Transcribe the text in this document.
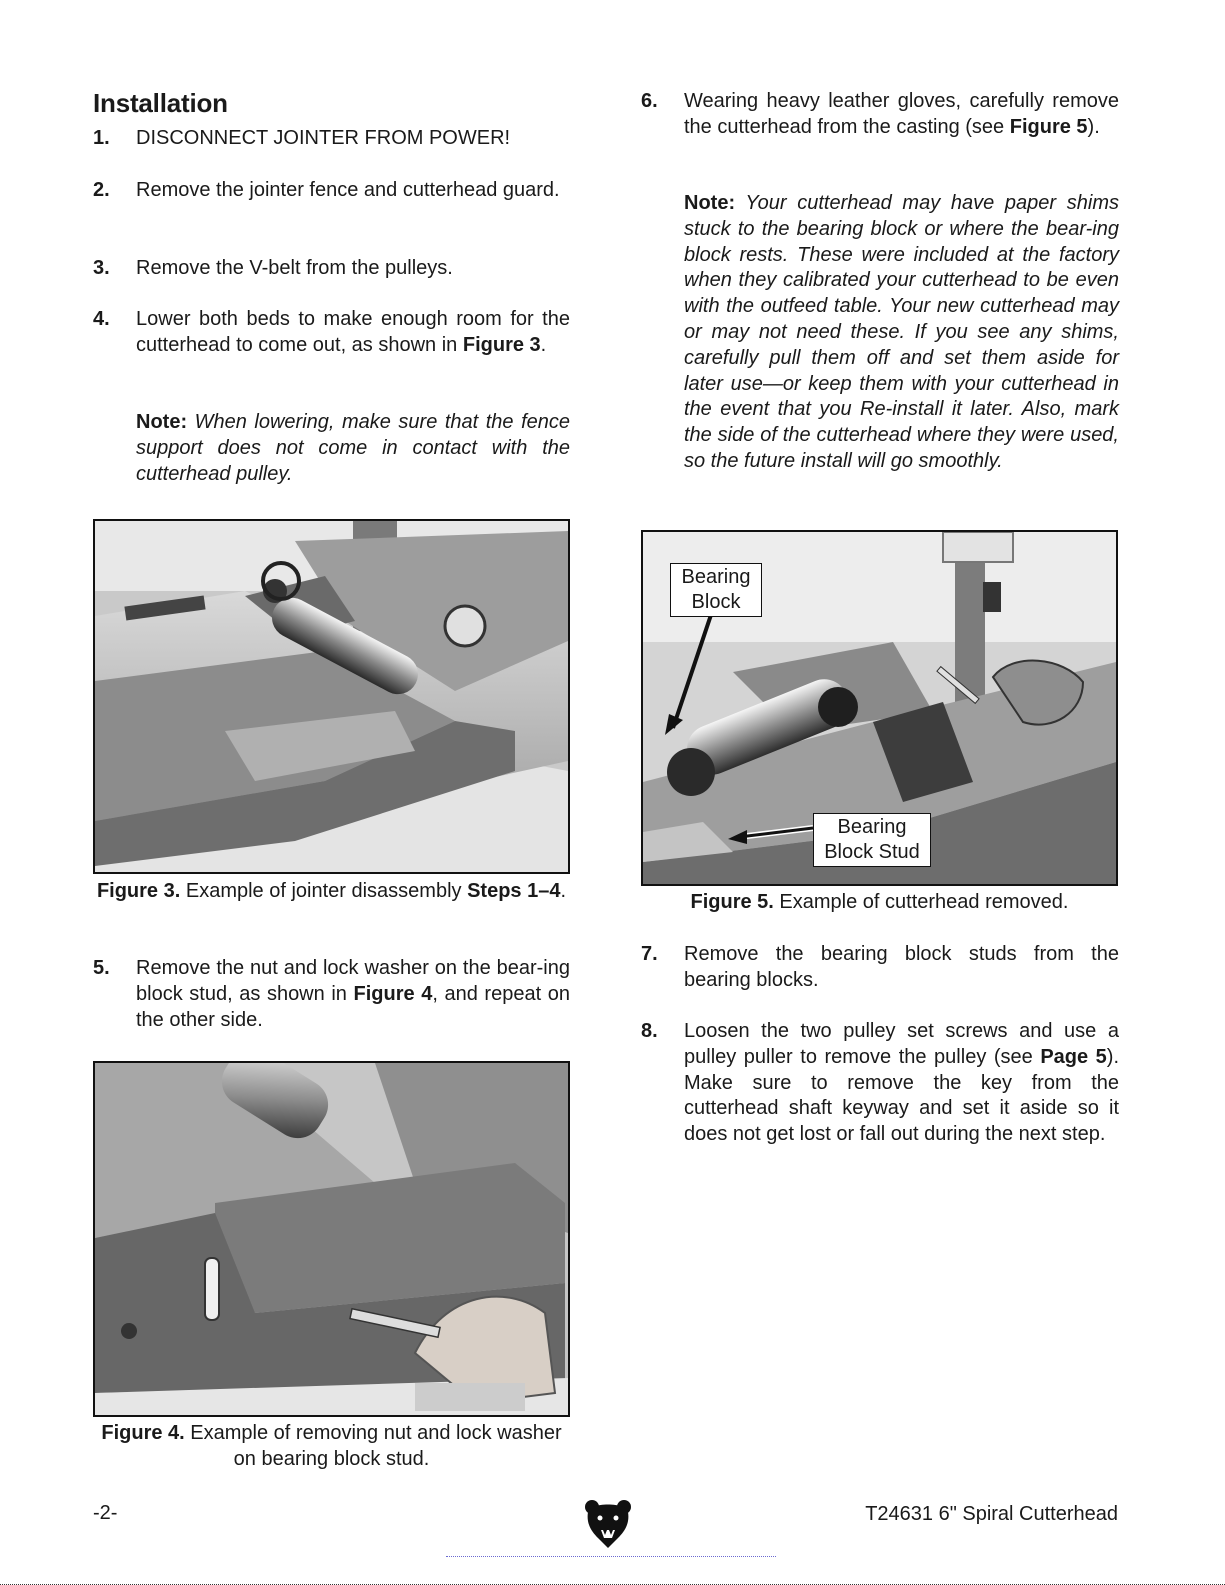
Installation
1. DISCONNECT JOINTER FROM POWER!
2. Remove the jointer fence and cutterhead guard.
3. Remove the V-belt from the pulleys.
4. Lower both beds to make enough room for the cutterhead to come out, as shown in Figure 3.
Note: When lowering, make sure that the fence support does not come in contact with the cutterhead pulley.
Figure 3. Example of jointer disassembly Steps 1–4.
5. Remove the nut and lock washer on the bear-ing block stud, as shown in Figure 4, and repeat on the other side.
Figure 4. Example of removing nut and lock washer on bearing block stud.
6. Wearing heavy leather gloves, carefully remove the cutterhead from the casting (see Figure 5).
Note: Your cutterhead may have paper shims stuck to the bearing block or where the bear-ing block rests. These were included at the factory when they calibrated your cutterhead to be even with the outfeed table. Your new cutterhead may or may not need these. If you see any shims, carefully pull them off and set them aside for later use—or keep them with your cutterhead in the event that you Re-install it later. Also, mark the side of the cutterhead where they were used, so the future install will go smoothly.
Bearing Block
Bearing Block Stud
Figure 5. Example of cutterhead removed.
7. Remove the bearing block studs from the bearing blocks.
8. Loosen the two pulley set screws and use a pulley puller to remove the pulley (see Page 5). Make sure to remove the key from the cutterhead shaft keyway and set it aside so it does not get lost or fall out during the next step.
-2-	T24631 6" Spiral Cutterhead
